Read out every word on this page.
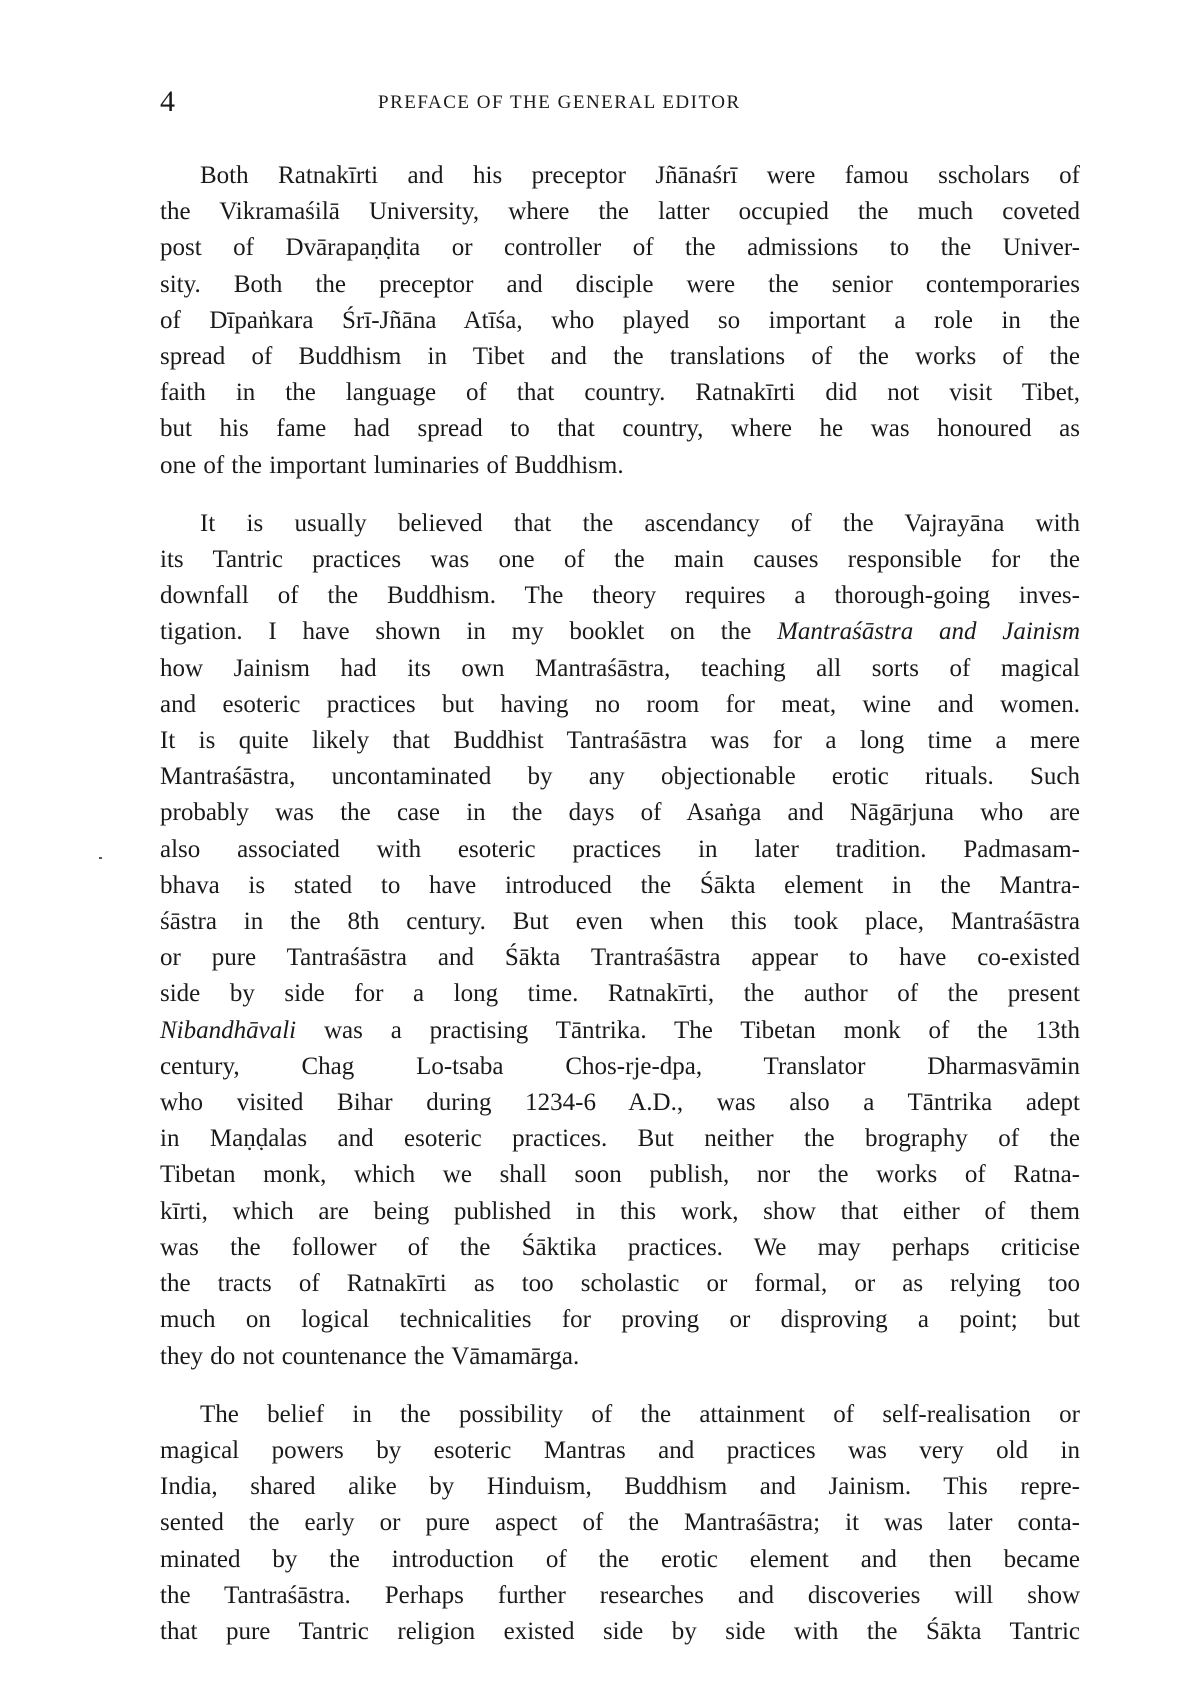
4	PREFACE OF THE GENERAL EDITOR

Both Ratnakīrti and his preceptor Jñānaśrī were famou sscholars of
the Vikramaśilā University, where the latter occupied the much coveted
post of Dvārapaṇḍita or controller of the admissions to the Univer-
sity. Both the preceptor and disciple were the senior contemporaries
of Dīpaṅkara Śrī-Jñāna Atīśa, who played so important a role in the
spread of Buddhism in Tibet and the translations of the works of the
faith in the language of that country. Ratnakīrti did not visit Tibet,
but his fame had spread to that country, where he was honoured as
one of the important luminaries of Buddhism.

It is usually believed that the ascendancy of the Vajrayāna with
its Tantric practices was one of the main causes responsible for the
downfall of the Buddhism. The theory requires a thorough-going inves-
tigation. I have shown in my booklet on the Mantraśāstra and Jainism
how Jainism had its own Mantraśāstra, teaching all sorts of magical
and esoteric practices but having no room for meat, wine and women.
It is quite likely that Buddhist Tantraśāstra was for a long time a mere
Mantraśāstra, uncontaminated by any objectionable erotic rituals. Such
probably was the case in the days of Asaṅga and Nāgārjuna who are
also associated with esoteric practices in later tradition. Padmasam-
bhava is stated to have introduced the Śākta element in the Mantra-
śāstra in the 8th century. But even when this took place, Mantraśāstra
or pure Tantraśāstra and Śākta Trantraśāstra appear to have co-existed
side by side for a long time. Ratnakīrti, the author of the present
Nibandhāvali was a practising Tāntrika. The Tibetan monk of the 13th
century, Chag Lo-tsaba Chos-rje-dpa, Translator Dharmasvāmin
who visited Bihar during 1234-6 A.D., was also a Tāntrika adept
in Maṇḍalas and esoteric practices. But neither the brography of the
Tibetan monk, which we shall soon publish, nor the works of Ratna-
kīrti, which are being published in this work, show that either of them
was the follower of the Śāktika practices. We may perhaps criticise
the tracts of Ratnakīrti as too scholastic or formal, or as relying too
much on logical technicalities for proving or disproving a point; but
they do not countenance the Vāmamārga.

The belief in the possibility of the attainment of self-realisation or
magical powers by esoteric Mantras and practices was very old in
India, shared alike by Hinduism, Buddhism and Jainism. This repre-
sented the early or pure aspect of the Mantraśāstra; it was later conta-
minated by the introduction of the erotic element and then became
the Tantraśāstra. Perhaps further researches and discoveries will show
that pure Tantric religion existed side by side with the Śākta Tantric
